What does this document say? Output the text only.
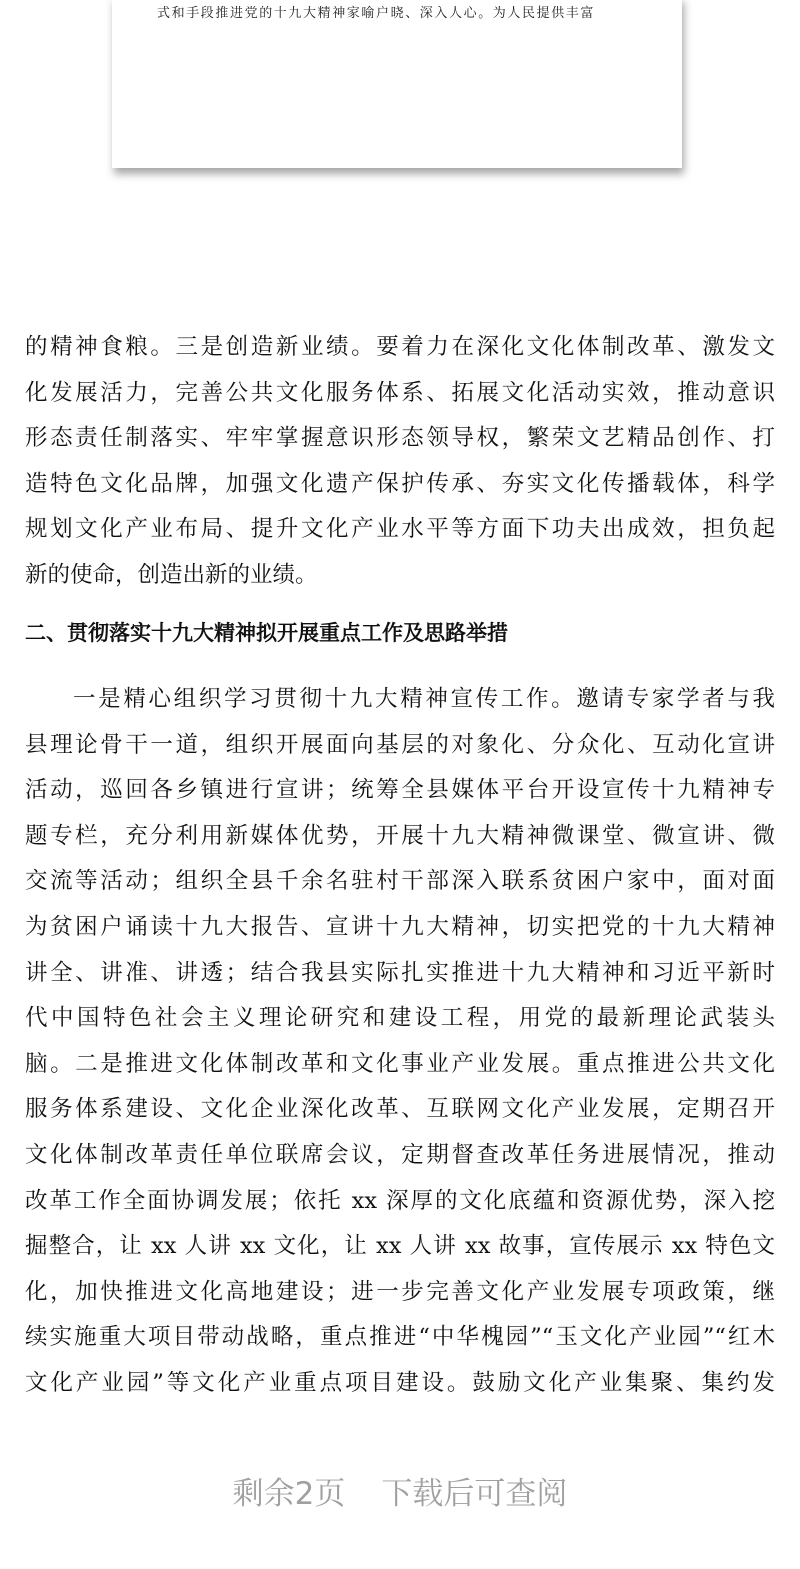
式和手段推进党的十九大精神家喻户晓、深入人心。为人民提供丰富
的精神食粮。三是创造新业绩。要着力在深化文化体制改革、激发文
化发展活力，完善公共文化服务体系、拓展文化活动实效，推动意识
形态责任制落实、牢牢掌握意识形态领导权，繁荣文艺精品创作、打
造特色文化品牌，加强文化遗产保护传承、夯实文化传播载体，科学
规划文化产业布局、提升文化产业水平等方面下功夫出成效，担负起
新的使命，创造出新的业绩。
二、贯彻落实十九大精神拟开展重点工作及思路举措
一是精心组织学习贯彻十九大精神宣传工作。邀请专家学者与我
县理论骨干一道，组织开展面向基层的对象化、分众化、互动化宣讲
活动，巡回各乡镇进行宣讲；统筹全县媒体平台开设宣传十九精神专
题专栏，充分利用新媒体优势，开展十九大精神微课堂、微宣讲、微
交流等活动；组织全县千余名驻村干部深入联系贫困户家中，面对面
为贫困户诵读十九大报告、宣讲十九大精神，切实把党的十九大精神
讲全、讲准、讲透；结合我县实际扎实推进十九大精神和习近平新时
代中国特色社会主义理论研究和建设工程，用党的最新理论武装头
脑。二是推进文化体制改革和文化事业产业发展。重点推进公共文化
服务体系建设、文化企业深化改革、互联网文化产业发展，定期召开
文化体制改革责任单位联席会议，定期督查改革任务进展情况，推动
改革工作全面协调发展；依托 xx 深厚的文化底蕴和资源优势，深入挖
掘整合，让 xx 人讲 xx 文化，让 xx 人讲 xx 故事，宣传展示 xx 特色文
化，加快推进文化高地建设；进一步完善文化产业发展专项政策，继
续实施重大项目带动战略，重点推进“中华槐园”“玉文化产业园”“红木
文化产业园”等文化产业重点项目建设。鼓励文化产业集聚、集约发
剩余2页 下载后可查阅
